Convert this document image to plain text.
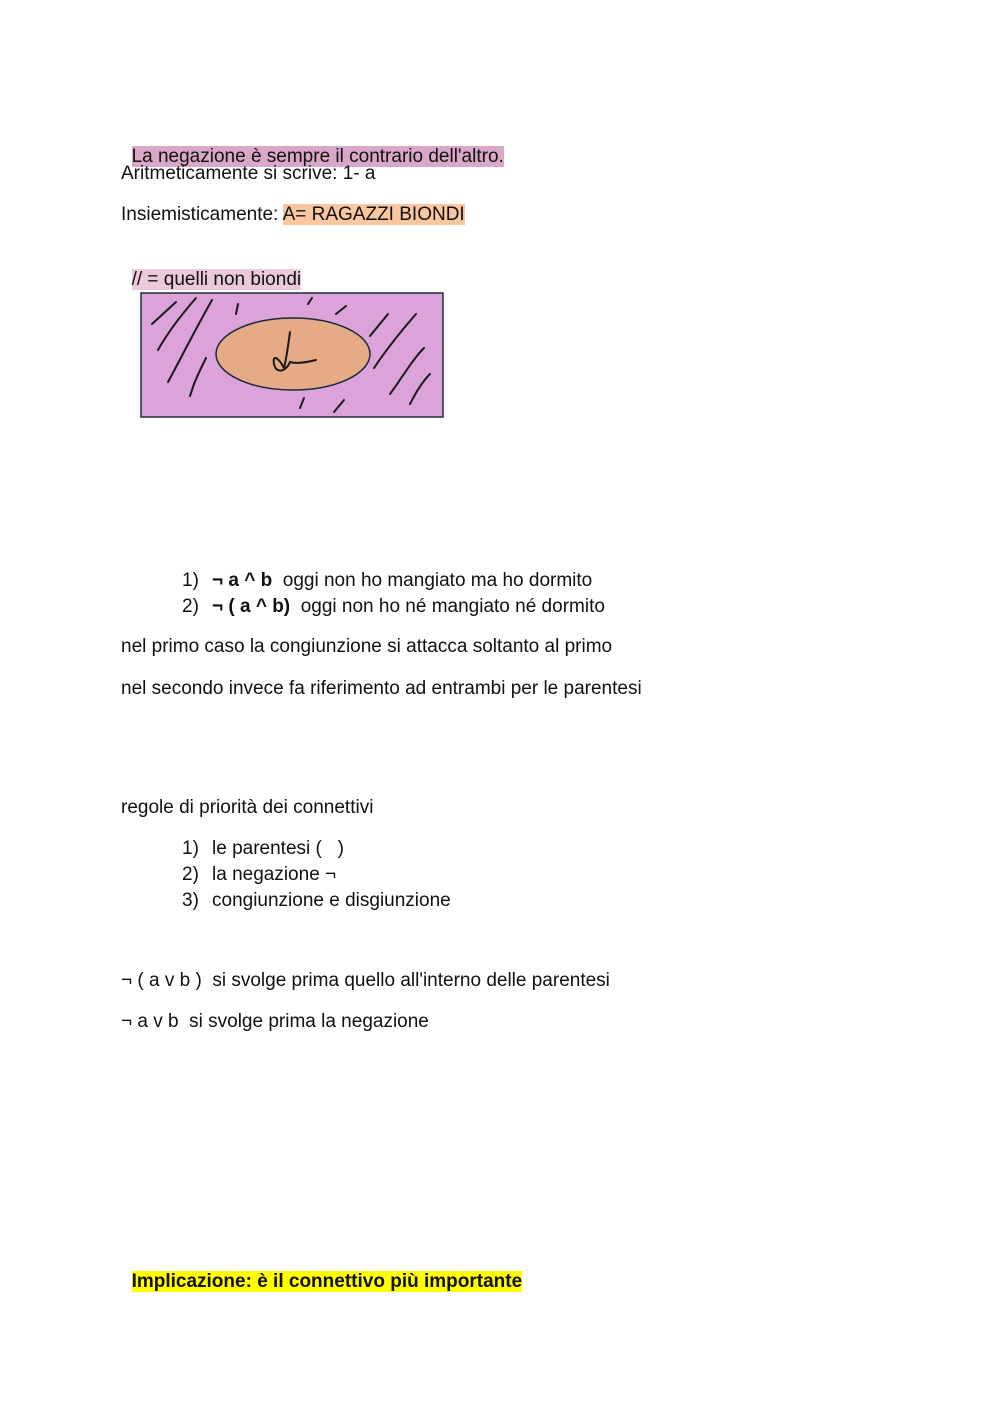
La negazione è sempre il contrario dell'altro.

Aritmeticamente si scrive: 1- a
Insiemisticamente: A= RAGAZZI BIONDI

// = quelli non biondi

1) ¬ a ^ b  oggi non ho mangiato ma ho dormito
2) ¬ ( a ^ b)  oggi non ho né mangiato né dormito
nel primo caso la congiunzione si attacca soltanto al primo
nel secondo invece fa riferimento ad entrambi per le parentesi
regole di priorità dei connettivi
1) le parentesi (   )
2) la negazione ¬
3) congiunzione e disgiunzione
¬ ( a v b )  si svolge prima quello all'interno delle parentesi
¬ a v b  si svolge prima la negazione

Implicazione: è il connettivo più importante
